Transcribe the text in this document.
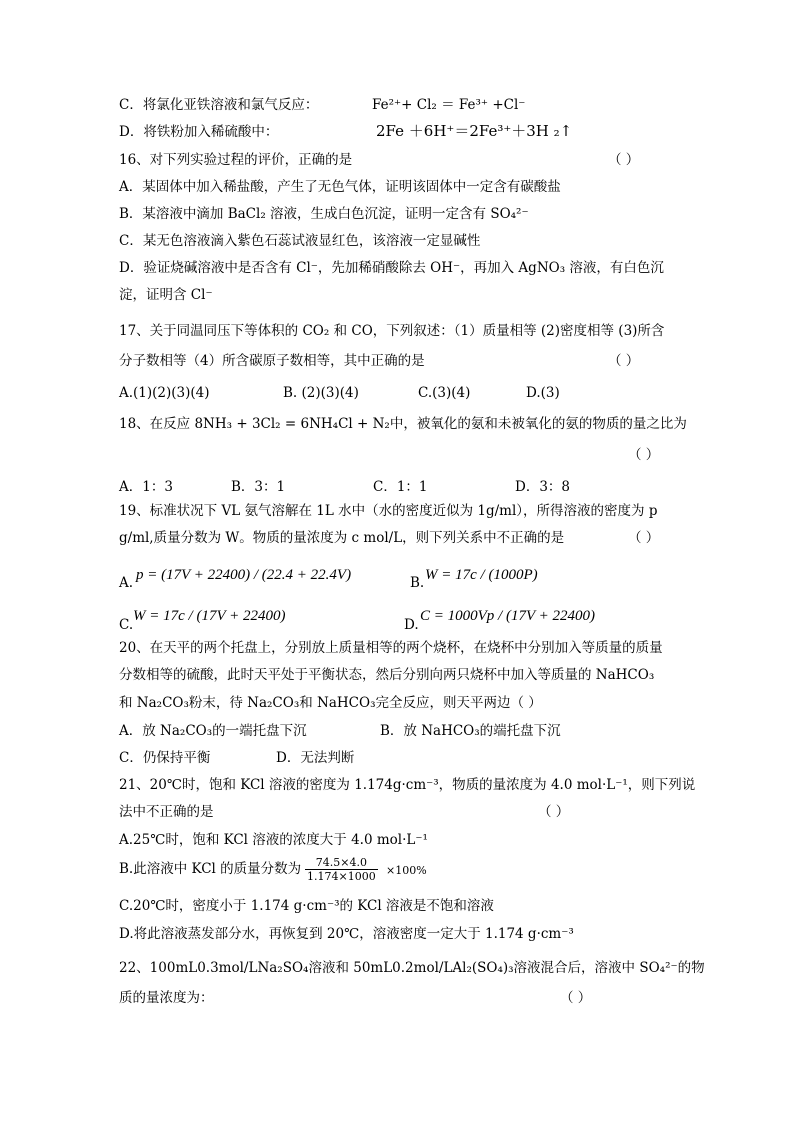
C．将氯化亚铁溶液和氯气反应：	Fe²⁺+ Cl₂ ＝ Fe³⁺ +Cl⁻
D．将铁粉加入稀硫酸中：	2Fe ＋6H⁺＝2Fe³⁺＋3H ₂↑
16、对下列实验过程的评价，正确的是	（ ）
A．某固体中加入稀盐酸，产生了无色气体，证明该固体中一定含有碳酸盐
B．某溶液中滴加 BaCl₂ 溶液，生成白色沉淀，证明一定含有 SO₄²⁻
C．某无色溶液滴入紫色石蕊试液显红色，该溶液一定显碱性
D．验证烧碱溶液中是否含有 Cl⁻，先加稀硝酸除去 OH⁻，再加入 AgNO₃ 溶液，有白色沉
淀，证明含 Cl⁻
17、关于同温同压下等体积的 CO₂ 和 CO，下列叙述：（1）质量相等 (2)密度相等 (3)所含
分子数相等（4）所含碳原子数相等，其中正确的是	（ ）
A.(1)(2)(3)(4)	B. (2)(3)(4)	C.(3)(4)	D.(3)
18、在反应 8NH₃ + 3Cl₂ = 6NH₄Cl + N₂中，被氧化的氨和未被氧化的氨的物质的量之比为
（ ）
A．1：3	B．3：1	C．1：1	D．3：8
19、标准状况下 VL 氨气溶解在 1L 水中（水的密度近似为 1g/ml），所得溶液的密度为 p
g/ml,质量分数为 W。物质的量浓度为 c mol/L，则下列关系中不正确的是	（ ）
A. p = (17V + 22400) / (22.4 + 22.4V)	B. W = 17c / (1000P)
C.
W = 17c / (17V + 22400)
D.
C = 1000Vp / (17V + 22400)
20、在天平的两个托盘上，分别放上质量相等的两个烧杯，在烧杯中分别加入等质量的质量
分数相等的硫酸，此时天平处于平衡状态，然后分别向两只烧杯中加入等质量的 NaHCO₃
和 Na₂CO₃粉末，待 Na₂CO₃和 NaHCO₃完全反应，则天平两边（ ）
A．放 Na₂CO₃的一端托盘下沉	B．放 NaHCO₃的端托盘下沉
C．仍保持平衡	D．无法判断
21、20℃时，饱和 KCl 溶液的密度为 1.174g·cm⁻³，物质的量浓度为 4.0 mol·L⁻¹，则下列说
法中不正确的是	（ ）
A.25℃时，饱和 KCl 溶液的浓度大于 4.0 mol·L⁻¹
B.此溶液中 KCl 的质量分数为 $\frac{74.5\times 4.0}{1.174\times 1000} \times 100\%$
C.20℃时，密度小于 1.174 g·cm⁻³的 KCl 溶液是不饱和溶液
D.将此溶液蒸发部分水，再恢复到 20℃，溶液密度一定大于 1.174 g·cm⁻³
22、100mL0.3mol/LNa₂SO₄溶液和 50mL0.2mol/LAl₂(SO₄)₃溶液混合后，溶液中 SO₄²⁻的物
质的量浓度为：	（ ）
